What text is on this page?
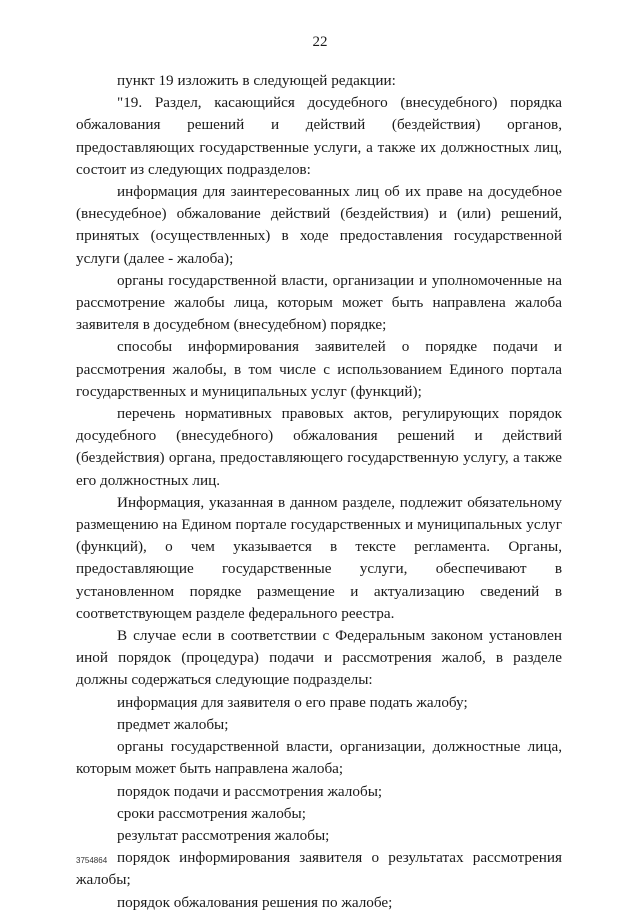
22

пункт 19 изложить в следующей редакции:

"19. Раздел, касающийся досудебного (внесудебного) порядка обжалования решений и действий (бездействия) органов, предоставляющих государственные услуги, а также их должностных лиц, состоит из следующих подразделов:

информация для заинтересованных лиц об их праве на досудебное (внесудебное) обжалование действий (бездействия) и (или) решений, принятых (осуществленных) в ходе предоставления государственной услуги (далее - жалоба);

органы государственной власти, организации и уполномоченные на рассмотрение жалобы лица, которым может быть направлена жалоба заявителя в досудебном (внесудебном) порядке;

способы информирования заявителей о порядке подачи и рассмотрения жалобы, в том числе с использованием Единого портала государственных и муниципальных услуг (функций);

перечень нормативных правовых актов, регулирующих порядок досудебного (внесудебного) обжалования решений и действий (бездействия) органа, предоставляющего государственную услугу, а также его должностных лиц.

Информация, указанная в данном разделе, подлежит обязательному размещению на Едином портале государственных и муниципальных услуг (функций), о чем указывается в тексте регламента. Органы, предоставляющие государственные услуги, обеспечивают в установленном порядке размещение и актуализацию сведений в соответствующем разделе федерального реестра.

В случае если в соответствии с Федеральным законом установлен иной порядок (процедура) подачи и рассмотрения жалоб, в разделе должны содержаться следующие подразделы:

информация для заявителя о его праве подать жалобу;

предмет жалобы;

органы государственной власти, организации, должностные лица, которым может быть направлена жалоба;

порядок подачи и рассмотрения жалобы;

сроки рассмотрения жалобы;

результат рассмотрения жалобы;

порядок информирования заявителя о результатах рассмотрения жалобы;

порядок обжалования решения по жалобе;

3754864
